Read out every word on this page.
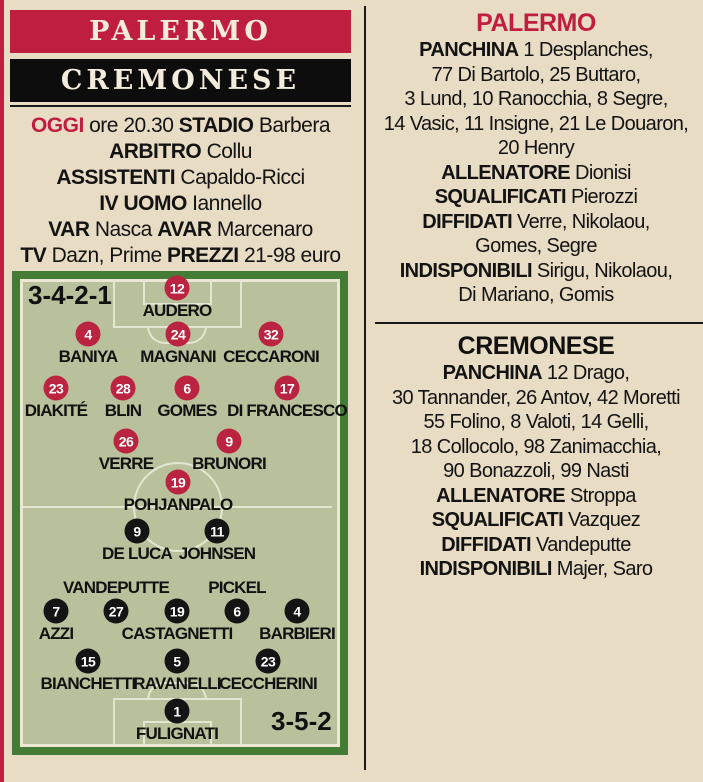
PALERMO
CREMONESE
OGGI ore 20.30 STADIO Barbera
ARBITRO Collu
ASSISTENTI Capaldo-Ricci
IV UOMO Iannello
VAR Nasca AVAR Marcenaro
TV Dazn, Prime PREZZI 21-98 euro
3-4-2-1
3-5-2
12
AUDERO
4
BANIYA
24
MAGNANI
32
CECCARONI
23
DIAKITÉ
28
BLIN
6
GOMES
17
DI FRANCESCO
26
VERRE
9
BRUNORI
19
POHJANPALO
9
DE LUCA
11
JOHNSEN
7
AZZI
27
VANDEPUTTE
19
CASTAGNETTI
6
PICKEL
4
BARBIERI
15
BIANCHETTI
5
RAVANELLI
23
CECCHERINI
1
FULIGNATI
PALERMO
PANCHINA 1 Desplanches,
77 Di Bartolo, 25 Buttaro,
3 Lund, 10 Ranocchia, 8 Segre,
14 Vasic, 11 Insigne, 21 Le Douaron,
20 Henry
ALLENATORE Dionisi
SQUALIFICATI Pierozzi
DIFFIDATI Verre, Nikolaou,
Gomes, Segre
INDISPONIBILI Sirigu, Nikolaou,
Di Mariano, Gomis
CREMONESE
PANCHINA 12 Drago,
30 Tannander, 26 Antov, 42 Moretti
55 Folino, 8 Valoti, 14 Gelli,
18 Collocolo, 98 Zanimacchia,
90 Bonazzoli, 99 Nasti
ALLENATORE Stroppa
SQUALIFICATI Vazquez
DIFFIDATI Vandeputte
INDISPONIBILI Majer, Saro
